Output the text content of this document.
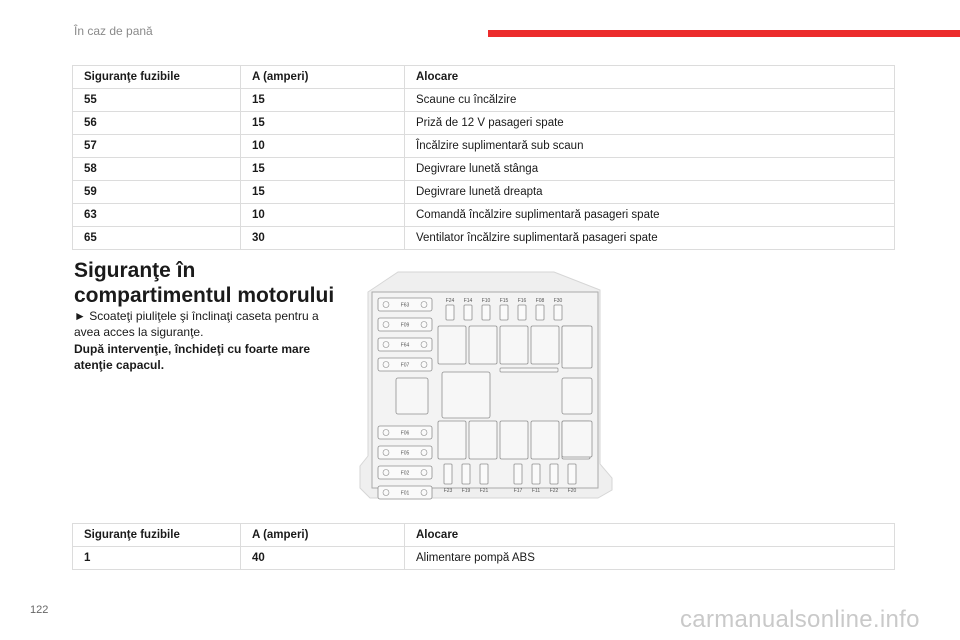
În caz de pană
Siguranţe fuzibile	A (amperi)	Alocare
55	15	Scaune cu încălzire
56	15	Priză de 12 V pasageri spate
57	10	Încălzire suplimentară sub scaun
58	15	Degivrare lunetă stânga
59	15	Degivrare lunetă dreapta
63	10	Comandă încălzire suplimentară pasageri spate
65	30	Ventilator încălzire suplimentară pasageri spate
Siguranţe în compartimentul motorului
► Scoateţi piuliţele şi înclinaţi caseta pentru a avea acces la siguranţe.
După intervenţie, închideţi cu foarte mare atenţie capacul.
F63
F09
F64
F07
F06
F05
F02
F01
F24 F14 F10 F15 F16 F08 F30
F23 F19 F21	F17 F11 F22 F20
Siguranţe fuzibile	A (amperi)	Alocare
1	40	Alimentare pompă ABS
122	carmanualsonline.info
